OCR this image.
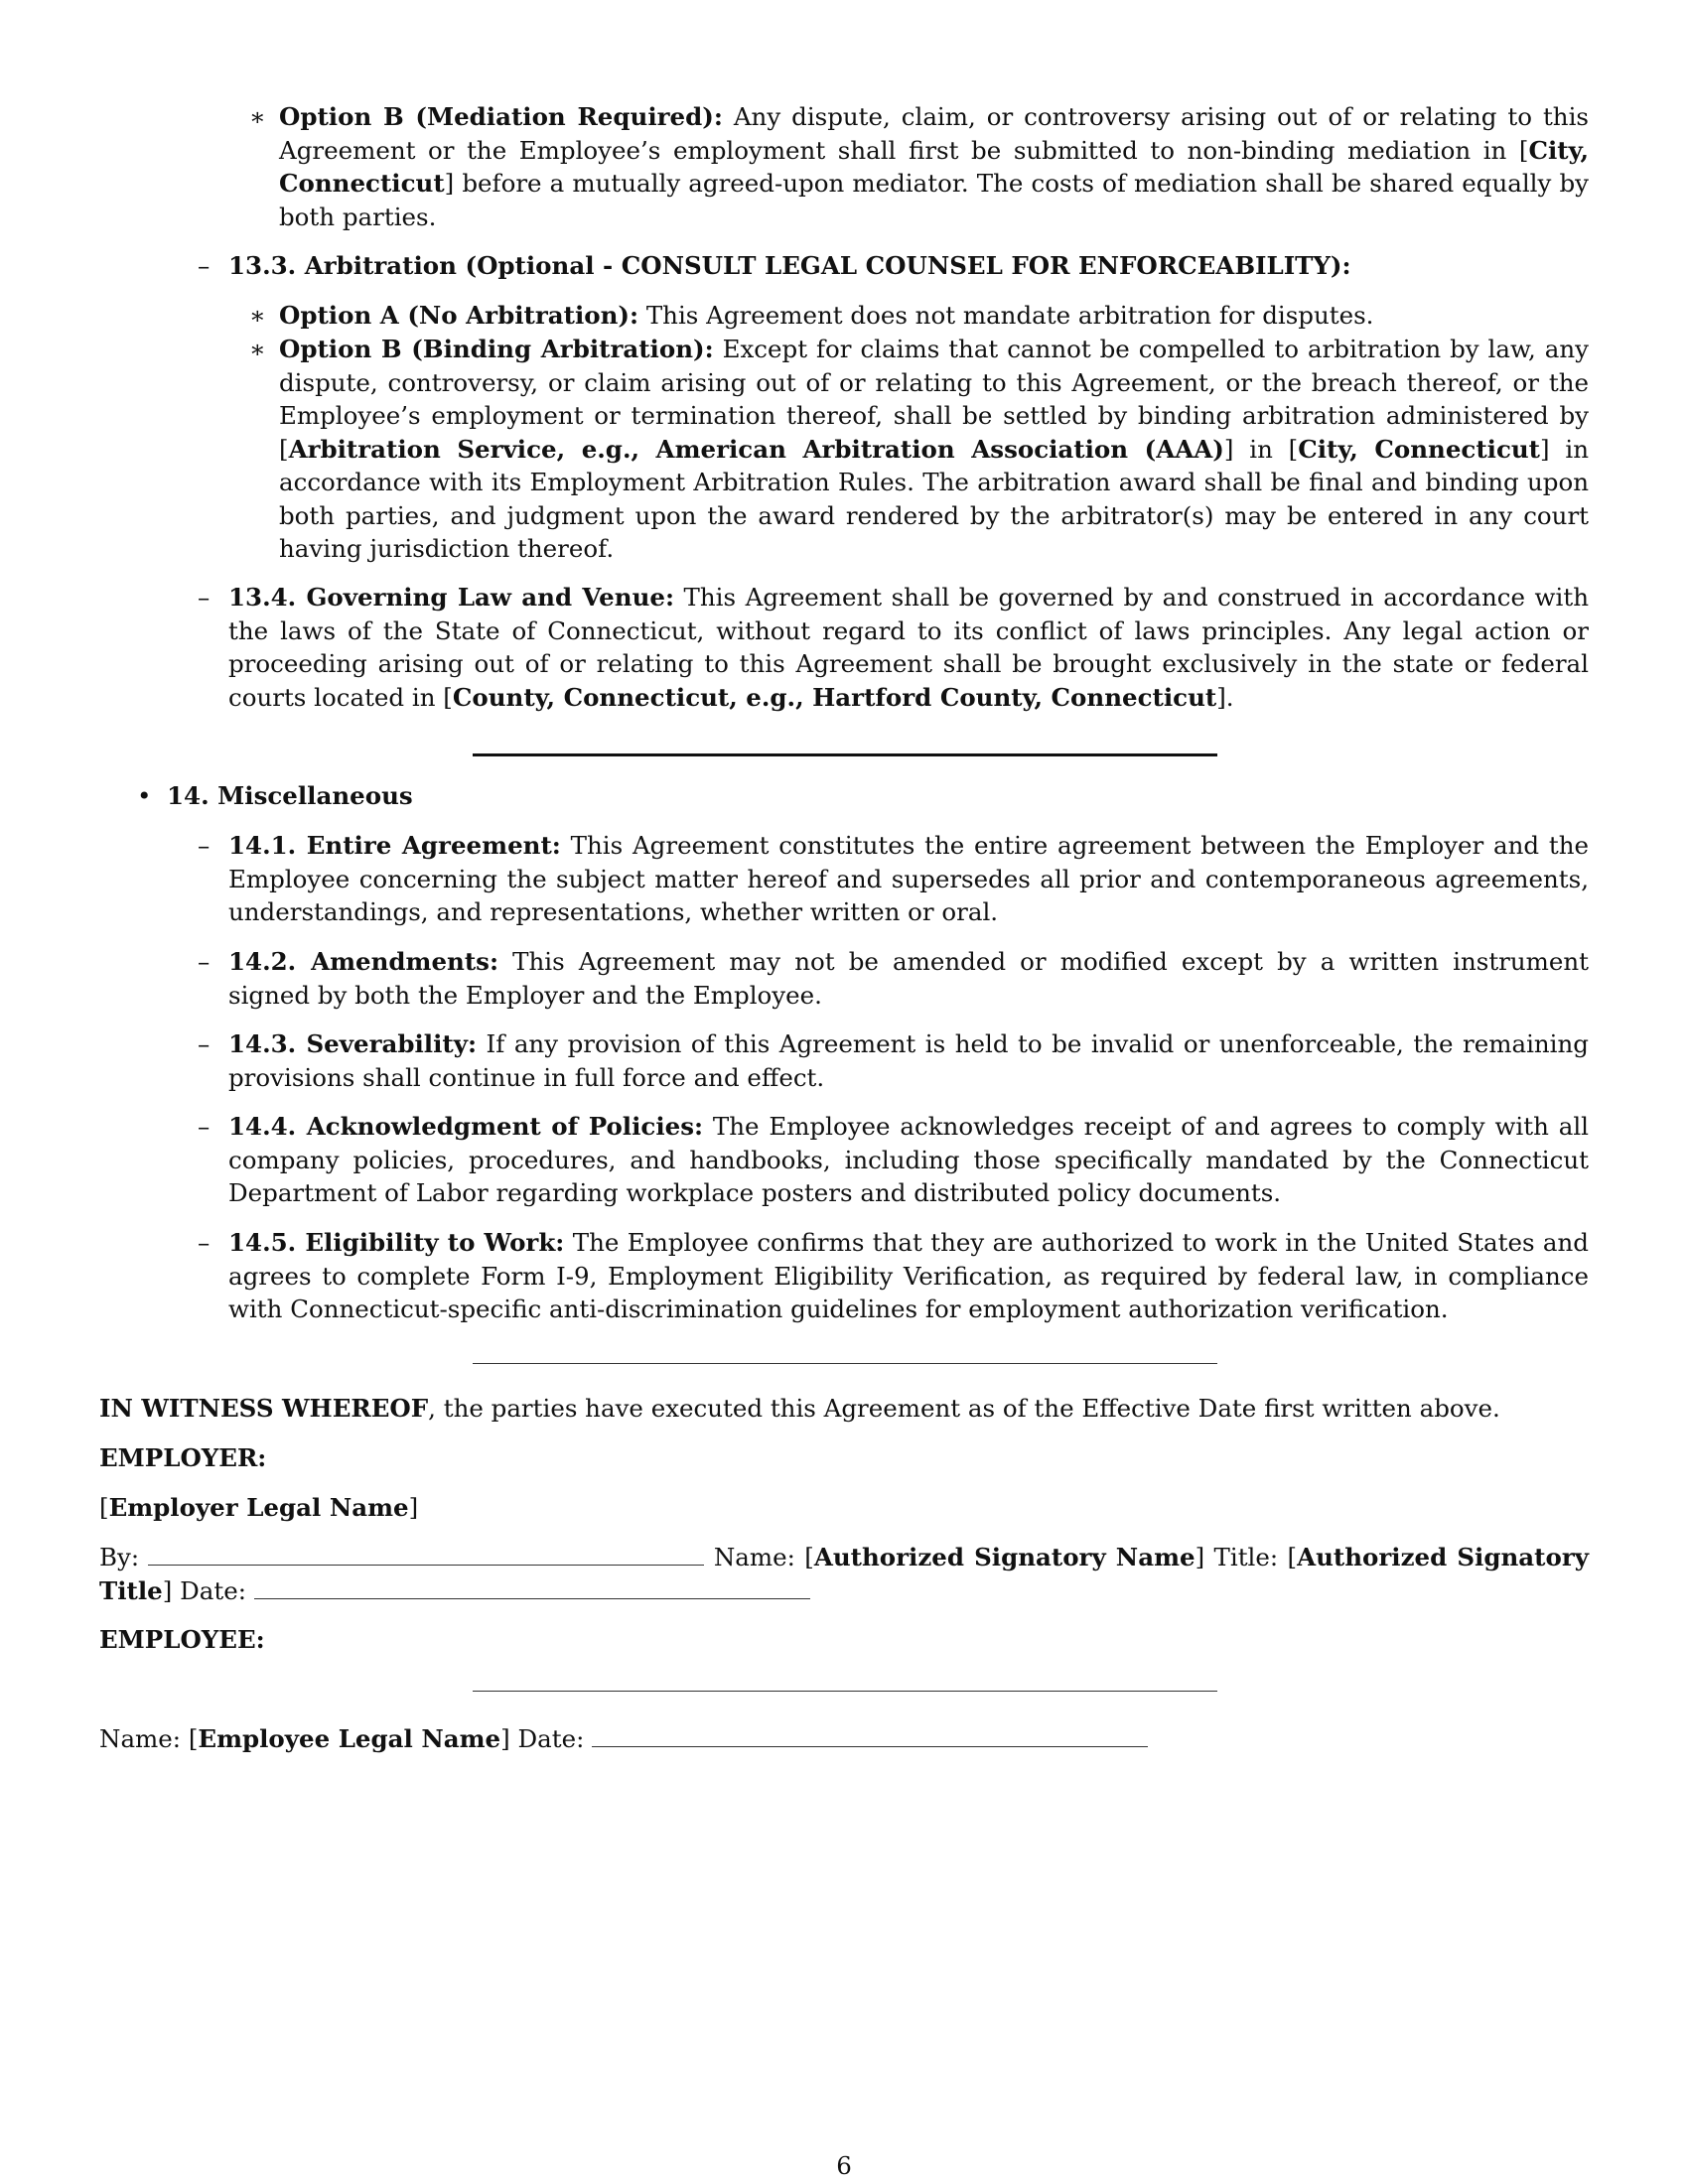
∗ Option B (Mediation Required): Any dispute, claim, or controversy arising out of or relating to this Agreement or the Employee’s employment shall first be submitted to non-binding mediation in [City, Connecticut] before a mutually agreed-upon mediator. The costs of mediation shall be shared equally by both parties.
– 13.3. Arbitration (Optional - CONSULT LEGAL COUNSEL FOR ENFORCEABILITY):
∗ Option A (No Arbitration): This Agreement does not mandate arbitration for disputes.
∗ Option B (Binding Arbitration): Except for claims that cannot be compelled to arbitration by law, any dispute, controversy, or claim arising out of or relating to this Agreement, or the breach thereof, or the Employee’s employment or termination thereof, shall be settled by binding arbitration administered by [Arbitration Service, e.g., American Arbitration Association (AAA)] in [City, Connecticut] in accordance with its Employment Arbitration Rules. The arbitration award shall be final and binding upon both parties, and judgment upon the award rendered by the arbitrator(s) may be entered in any court having jurisdiction thereof.
– 13.4. Governing Law and Venue: This Agreement shall be governed by and construed in accordance with the laws of the State of Connecticut, without regard to its conflict of laws principles. Any legal action or proceeding arising out of or relating to this Agreement shall be brought exclusively in the state or federal courts located in [County, Connecticut, e.g., Hartford County, Connecticut].
• 14. Miscellaneous
– 14.1. Entire Agreement: This Agreement constitutes the entire agreement between the Employer and the Employee concerning the subject matter hereof and supersedes all prior and contemporaneous agreements, understandings, and representations, whether written or oral.
– 14.2. Amendments: This Agreement may not be amended or modified except by a written instrument signed by both the Employer and the Employee.
– 14.3. Severability: If any provision of this Agreement is held to be invalid or unenforceable, the remaining provisions shall continue in full force and effect.
– 14.4. Acknowledgment of Policies: The Employee acknowledges receipt of and agrees to comply with all company policies, procedures, and handbooks, including those specifically mandated by the Connecticut Department of Labor regarding workplace posters and distributed policy documents.
– 14.5. Eligibility to Work: The Employee confirms that they are authorized to work in the United States and agrees to complete Form I-9, Employment Eligibility Verification, as required by federal law, in compliance with Connecticut-specific anti-discrimination guidelines for employment authorization verification.
IN WITNESS WHEREOF, the parties have executed this Agreement as of the Effective Date first written above.
EMPLOYER:
[Employer Legal Name]
By:	Name: [Authorized Signatory Name] Title: [Authorized Signatory Title] Date:
EMPLOYEE:
Name: [Employee Legal Name] Date:
6
